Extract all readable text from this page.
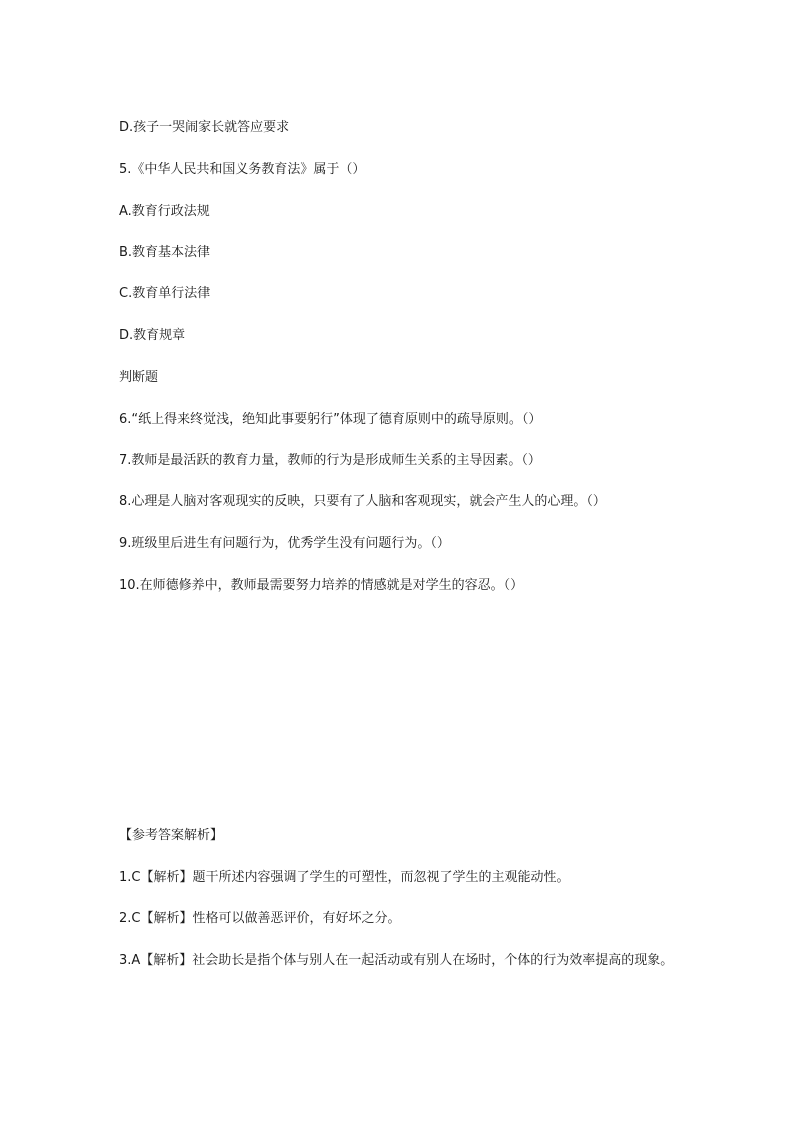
D.孩子一哭闹家长就答应要求
5.《中华人民共和国义务教育法》属于（）
A.教育行政法规
B.教育基本法律
C.教育单行法律
D.教育规章
判断题
6.“纸上得来终觉浅，绝知此事要躬行”体现了德育原则中的疏导原则。（）
7.教师是最活跃的教育力量，教师的行为是形成师生关系的主导因素。（）
8.心理是人脑对客观现实的反映，只要有了人脑和客观现实，就会产生人的心理。（）
9.班级里后进生有问题行为，优秀学生没有问题行为。（）
10.在师德修养中，教师最需要努力培养的情感就是对学生的容忍。（）
【参考答案解析】
1.C【解析】题干所述内容强调了学生的可塑性，而忽视了学生的主观能动性。
2.C【解析】性格可以做善恶评价，有好坏之分。
3.A【解析】社会助长是指个体与别人在一起活动或有别人在场时，个体的行为效率提高的现象。
